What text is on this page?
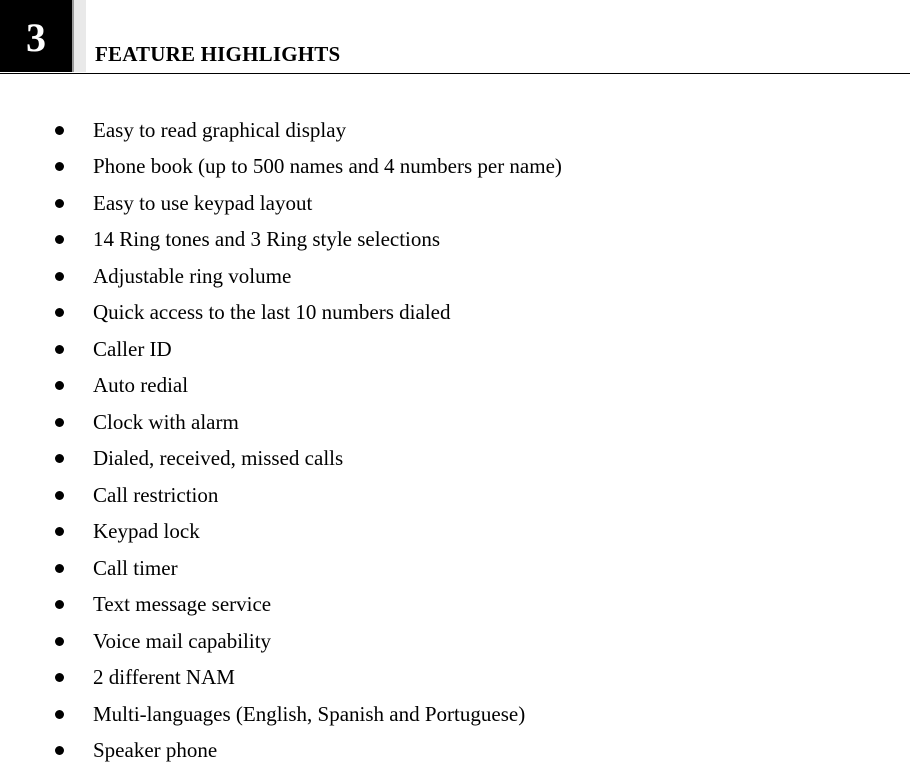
3 FEATURE HIGHLIGHTS
Easy to read graphical display
Phone book (up to 500 names and 4 numbers per name)
Easy to use keypad layout
14 Ring tones and 3 Ring style selections
Adjustable ring volume
Quick access to the last 10 numbers dialed
Caller ID
Auto redial
Clock with alarm
Dialed, received, missed calls
Call restriction
Keypad lock
Call timer
Text message service
Voice mail capability
2 different NAM
Multi-languages (English, Spanish and Portuguese)
Speaker phone
